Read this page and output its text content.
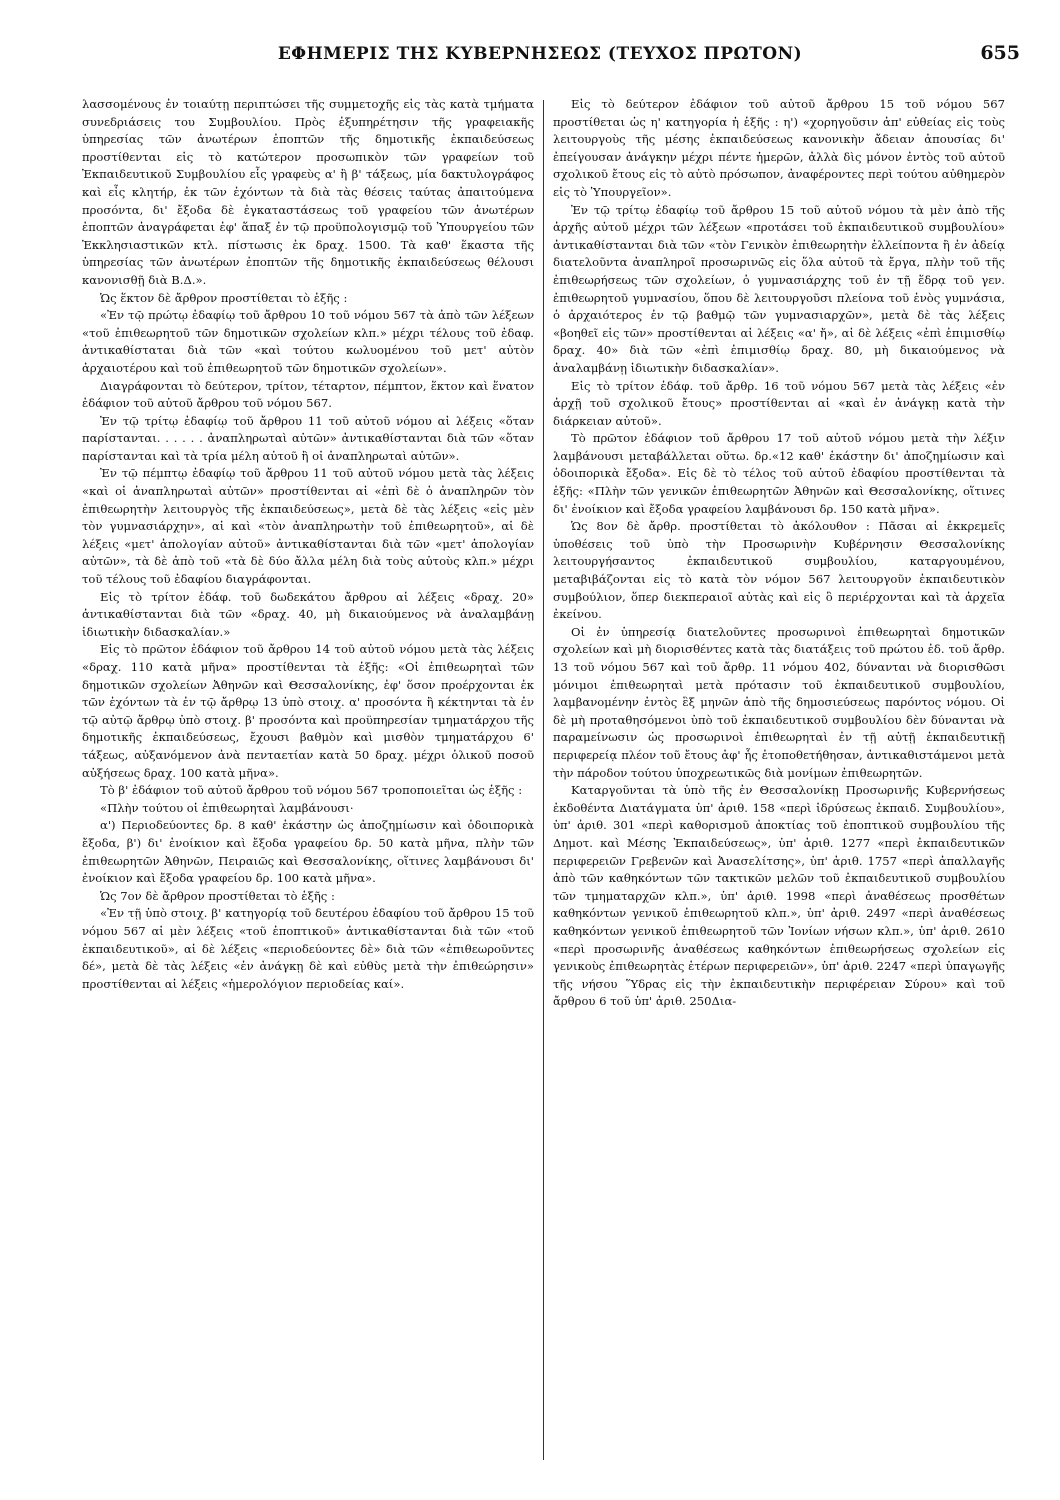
ΕΦΗΜΕΡΙΣ ΤΗΣ ΚΥΒΕΡΝΗΣΕΩΣ (ΤΕΥΧΟΣ ΠΡΩΤΟΝ)	655

λασσομένους ἐν τοιαύτῃ περιπτώσει τῆς συμμετοχῆς εἰς τὰς κατὰ τμήματα συνεδριάσεις του Συμβουλίου. Πρὸς ἐξυπηρέτησιν τῆς γραφειακῆς ὑπηρεσίας τῶν ἀνωτέρων ἐποπτῶν τῆς δημοτικῆς ἐκπαιδεύσεως προστίθενται εἰς τὸ κατώτερον προσωπικὸν τῶν γραφείων τοῦ Ἐκπαιδευτικοῦ Συμβουλίου εἷς γραφεὺς α' ἢ β' τάξεως, μία δακτυλογράφος καὶ εἷς κλητήρ, ἐκ τῶν ἐχόντων τὰ διὰ τὰς θέσεις ταύτας ἀπαιτούμενα προσόντα, δι' ἔξοδα δὲ ἐγκαταστάσεως τοῦ γραφείου τῶν ἀνωτέρων ἐποπτῶν ἀναγράφεται ἐφ' ἅπαξ ἐν τῷ προϋπολογισμῷ τοῦ Ὑπουργείου τῶν Ἐκκλησιαστικῶν κτλ. πίστωσις ἐκ δραχ. 1500. Τὰ καθ' ἕκαστα τῆς ὑπηρεσίας τῶν ἀνωτέρων ἐποπτῶν τῆς δημοτικῆς ἐκπαιδεύσεως θέλουσι κανονισθῇ διὰ Β.Δ.».

Ὡς ἕκτον δὲ ἄρθρον προστίθεται τὸ ἑξῆς :

«Ἐν τῷ πρώτῳ ἐδαφίῳ τοῦ ἄρθρου 10 τοῦ νόμου 567 τὰ ἀπὸ τῶν λέξεων «τοῦ ἐπιθεωρητοῦ τῶν δημοτικῶν σχολείων κλπ.» μέχρι τέλους τοῦ ἐδαφ. ἀντικαθίσταται διὰ τῶν «καὶ τούτου κωλυομένου τοῦ μετ' αὐτὸν ἀρχαιοτέρου καὶ τοῦ ἐπιθεωρητοῦ τῶν δημοτικῶν σχολείων».

Διαγράφονται τὸ δεύτερον, τρίτον, τέταρτον, πέμπτον, ἕκτον καὶ ἕνατον ἐδάφιον τοῦ αὐτοῦ ἄρθρου τοῦ νόμου 567.

Ἐν τῷ τρίτῳ ἐδαφίῳ τοῦ ἄρθρου 11 τοῦ αὐτοῦ νόμου αἱ λέξεις «ὅταν παρίστανται. . . . . . ἀναπληρωταὶ αὐτῶν» ἀντικαθίστανται διὰ τῶν «ὅταν παρίστανται καὶ τὰ τρία μέλη αὐτοῦ ἢ οἱ ἀναπληρωταὶ αὐτῶν».

Ἐν τῷ πέμπτῳ ἐδαφίῳ τοῦ ἄρθρου 11 τοῦ αὐτοῦ νόμου μετὰ τὰς λέξεις «καὶ οἱ ἀναπληρωταὶ αὐτῶν» προστίθενται αἱ «ἐπὶ δὲ ὁ ἀναπληρῶν τὸν ἐπιθεωρητὴν λειτουργὸς τῆς ἐκπαιδεύσεως», μετὰ δὲ τὰς λέξεις «εἰς μὲν τὸν γυμνασιάρχην», αἱ καὶ «τὸν ἀναπληρωτὴν τοῦ ἐπιθεωρητοῦ», αἱ δὲ λέξεις «μετ' ἀπολογίαν αὐτοῦ» ἀντικαθίστανται διὰ τῶν «μετ' ἀπολογίαν αὐτῶν», τὰ δὲ ἀπὸ τοῦ «τὰ δὲ δύο ἄλλα μέλη διὰ τοὺς αὐτοὺς κλπ.» μέχρι τοῦ τέλους τοῦ ἐδαφίου διαγράφονται.

Εἰς τὸ τρίτον ἐδάφ. τοῦ δωδεκάτου ἄρθρου αἱ λέξεις «δραχ. 20» ἀντικαθίστανται διὰ τῶν «δραχ. 40, μὴ δικαιούμενος νὰ ἀναλαμβάνῃ ἰδιωτικὴν διδασκαλίαν.»

Εἰς τὸ πρῶτον ἐδάφιον τοῦ ἄρθρου 14 τοῦ αὐτοῦ νόμου μετὰ τὰς λέξεις «δραχ. 110 κατὰ μῆνα» προστίθενται τὰ ἑξῆς: «Οἱ ἐπιθεωρηταὶ τῶν δημοτικῶν σχολείων Ἀθηνῶν καὶ Θεσσαλονίκης, ἐφ' ὅσον προέρχονται ἐκ τῶν ἐχόντων τὰ ἐν τῷ ἄρθρῳ 13 ὑπὸ στοιχ. α' προσόντα ἢ κέκτηνται τὰ ἐν τῷ αὐτῷ ἄρθρῳ ὑπὸ στοιχ. β' προσόντα καὶ προϋπηρεσίαν τμηματάρχου τῆς δημοτικῆς ἐκπαιδεύσεως, ἔχουσι βαθμὸν καὶ μισθὸν τμηματάρχου 6' τάξεως, αὐξανόμενον ἀνὰ πενταετίαν κατὰ 50 δραχ. μέχρι ὁλικοῦ ποσοῦ αὐξήσεως δραχ. 100 κατὰ μῆνα».

Τὸ β' ἐδάφιον τοῦ αὐτοῦ ἄρθρου τοῦ νόμου 567 τροποποιεῖται ὡς ἑξῆς :

«Πλὴν τούτου οἱ ἐπιθεωρηταὶ λαμβάνουσι·

α') Περιοδεύοντες δρ. 8 καθ' ἑκάστην ὡς ἀποζημίωσιν καὶ ὁδοιπορικὰ ἔξοδα, β') δι' ἐνοίκιον καὶ ἔξοδα γραφείου δρ. 50 κατὰ μῆνα, πλὴν τῶν ἐπιθεωρητῶν Ἀθηνῶν, Πειραιῶς καὶ Θεσσαλονίκης, οἵτινες λαμβάνουσι δι' ἐνοίκιον καὶ ἔξοδα γραφείου δρ. 100 κατὰ μῆνα».

Ὡς 7ον δὲ ἄρθρον προστίθεται τὸ ἑξῆς :

«Ἐν τῇ ὑπὸ στοιχ. β' κατηγορίᾳ τοῦ δευτέρου ἐδαφίου τοῦ ἄρθρου 15 τοῦ νόμου 567 αἱ μὲν λέξεις «τοῦ ἐποπτικοῦ» ἀντικαθίστανται διὰ τῶν «τοῦ ἐκπαιδευτικοῦ», αἱ δὲ λέξεις «περιοδεύοντες δὲ» διὰ τῶν «ἐπιθεωροῦντες δέ», μετὰ δὲ τὰς λέξεις «ἐν ἀνάγκῃ δὲ καὶ εὐθὺς μετὰ τὴν ἐπιθεώρησιν» προστίθενται αἱ λέξεις «ἡμερολόγιον περιοδείας καί».

Εἰς τὸ δεύτερον ἐδάφιον τοῦ αὐτοῦ ἄρθρου 15 τοῦ νόμου 567 προστίθεται ὡς η' κατηγορία ἡ ἑξῆς : η') «χορηγοῦσιν ἀπ' εὐθείας εἰς τοὺς λειτουργοὺς τῆς μέσης ἐκπαιδεύσεως κανονικὴν ἄδειαν ἀπουσίας δι' ἐπείγουσαν ἀνάγκην μέχρι πέντε ἡμερῶν, ἀλλὰ δὶς μόνον ἐντὸς τοῦ αὐτοῦ σχολικοῦ ἔτους εἰς τὸ αὐτὸ πρόσωπον, ἀναφέροντες περὶ τούτου αὐθημερὸν εἰς τὸ Ὑπουργεῖον».

Ἐν τῷ τρίτῳ ἐδαφίῳ τοῦ ἄρθρου 15 τοῦ αὐτοῦ νόμου τὰ μὲν ἀπὸ τῆς ἀρχῆς αὐτοῦ μέχρι τῶν λέξεων «προτάσει τοῦ ἐκπαιδευτικοῦ συμβουλίου» ἀντικαθίστανται διὰ τῶν «τὸν Γενικὸν ἐπιθεωρητὴν ἐλλείποντα ἢ ἐν ἀδείᾳ διατελοῦντα ἀναπληροῖ προσωρινῶς εἰς ὅλα αὐτοῦ τὰ ἔργα, πλὴν τοῦ τῆς ἐπιθεωρήσεως τῶν σχολείων, ὁ γυμνασιάρχης τοῦ ἐν τῇ ἕδρᾳ τοῦ γεν. ἐπιθεωρητοῦ γυμνασίου, ὅπου δὲ λειτουργοῦσι πλείονα τοῦ ἑνὸς γυμνάσια, ὁ ἀρχαιότερος ἐν τῷ βαθμῷ τῶν γυμνασιαρχῶν», μετὰ δὲ τὰς λέξεις «βοηθεῖ εἰς τῶν» προστίθενται αἱ λέξεις «α' ἤ», αἱ δὲ λέξεις «ἐπὶ ἐπιμισθίῳ δραχ. 40» διὰ τῶν «ἐπὶ ἐπιμισθίῳ δραχ. 80, μὴ δικαιούμενος νὰ ἀναλαμβάνῃ ἰδιωτικὴν διδασκαλίαν».

Εἰς τὸ τρίτον ἐδάφ. τοῦ ἄρθρ. 16 τοῦ νόμου 567 μετὰ τὰς λέξεις «ἐν ἀρχῇ τοῦ σχολικοῦ ἔτους» προστίθενται αἱ «καὶ ἐν ἀνάγκῃ κατὰ τὴν διάρκειαν αὐτοῦ».

Τὸ πρῶτον ἐδάφιον τοῦ ἄρθρου 17 τοῦ αὐτοῦ νόμου μετὰ τὴν λέξιν λαμβάνουσι μεταβάλλεται οὕτω. δρ.«12 καθ' ἑκάστην δι' ἀποζημίωσιν καὶ ὁδοιπορικὰ ἔξοδα». Εἰς δὲ τὸ τέλος τοῦ αὐτοῦ ἐδαφίου προστίθενται τὰ ἑξῆς: «Πλὴν τῶν γενικῶν ἐπιθεωρητῶν Ἀθηνῶν καὶ Θεσσαλονίκης, οἵτινες δι' ἐνοίκιον καὶ ἔξοδα γραφείου λαμβάνουσι δρ. 150 κατὰ μῆνα».

Ὡς 8ον δὲ ἄρθρ. προστίθεται τὸ ἀκόλουθον : Πᾶσαι αἱ ἐκκρεμεῖς ὑποθέσεις τοῦ ὑπὸ τὴν Προσωρινὴν Κυβέρνησιν Θεσσαλονίκης λειτουργήσαντος ἐκπαιδευτικοῦ συμβουλίου, καταργουμένου, μεταβιβάζονται εἰς τὸ κατὰ τὸν νόμον 567 λειτουργοῦν ἐκπαιδευτικὸν συμβούλιον, ὅπερ διεκπεραιοῖ αὐτὰς καὶ εἰς ὃ περιέρχονται καὶ τὰ ἀρχεῖα ἐκείνου.

Οἱ ἐν ὑπηρεσίᾳ διατελοῦντες προσωρινοὶ ἐπιθεωρηταὶ δημοτικῶν σχολείων καὶ μὴ διορισθέντες κατὰ τὰς διατάξεις τοῦ πρώτου ἐδ. τοῦ ἄρθρ. 13 τοῦ νόμου 567 καὶ τοῦ ἄρθρ. 11 νόμου 402, δύνανται νὰ διορισθῶσι μόνιμοι ἐπιθεωρηταὶ μετὰ πρότασιν τοῦ ἐκπαιδευτικοῦ συμβουλίου, λαμβανομένην ἐντὸς ἓξ μηνῶν ἀπὸ τῆς δημοσιεύσεως παρόντος νόμου. Οἱ δὲ μὴ προταθησόμενοι ὑπὸ τοῦ ἐκπαιδευτικοῦ συμβουλίου δὲν δύνανται νὰ παραμείνωσιν ὡς προσωρινοὶ ἐπιθεωρηταὶ ἐν τῇ αὐτῇ ἐκπαιδευτικῇ περιφερείᾳ πλέον τοῦ ἔτους ἀφ' ἧς ἐτοποθετήθησαν, ἀντικαθιστάμενοι μετὰ τὴν πάροδον τούτου ὑποχρεωτικῶς διὰ μονίμων ἐπιθεωρητῶν.

Καταργοῦνται τὰ ὑπὸ τῆς ἐν Θεσσαλονίκῃ Προσωρινῆς Κυβερνήσεως ἐκδοθέντα Διατάγματα ὑπ' ἀριθ. 158 «περὶ ἱδρύσεως ἐκπαιδ. Συμβουλίου», ὑπ' ἀριθ. 301 «περὶ καθορισμοῦ ἀποκτίας τοῦ ἐποπτικοῦ συμβουλίου τῆς Δημοτ. καὶ Μέσης Ἐκπαιδεύσεως», ὑπ' ἀριθ. 1277 «περὶ ἐκπαιδευτικῶν περιφερειῶν Γρεβενῶν καὶ Ἀνασελίτσης», ὑπ' ἀριθ. 1757 «περὶ ἀπαλλαγῆς ἀπὸ τῶν καθηκόντων τῶν τακτικῶν μελῶν τοῦ ἐκπαιδευτικοῦ συμβουλίου τῶν τμηματαρχῶν κλπ.», ὑπ' ἀριθ. 1998 «περὶ ἀναθέσεως προσθέτων καθηκόντων γενικοῦ ἐπιθεωρητοῦ κλπ.», ὑπ' ἀριθ. 2497 «περὶ ἀναθέσεως καθηκόντων γενικοῦ ἐπιθεωρητοῦ τῶν Ἰονίων νήσων κλπ.», ὑπ' ἀριθ. 2610 «περὶ προσωρινῆς ἀναθέσεως καθηκόντων ἐπιθεωρήσεως σχολείων εἰς γενικοὺς ἐπιθεωρητὰς ἑτέρων περιφερειῶν», ὑπ' ἀριθ. 2247 «περὶ ὑπαγωγῆς τῆς νήσου Ὕδρας εἰς τὴν ἐκπαιδευτικὴν περιφέρειαν Σύρου» καὶ τοῦ ἄρθρου 6 τοῦ ὑπ' ἀριθ. 250Δια-
